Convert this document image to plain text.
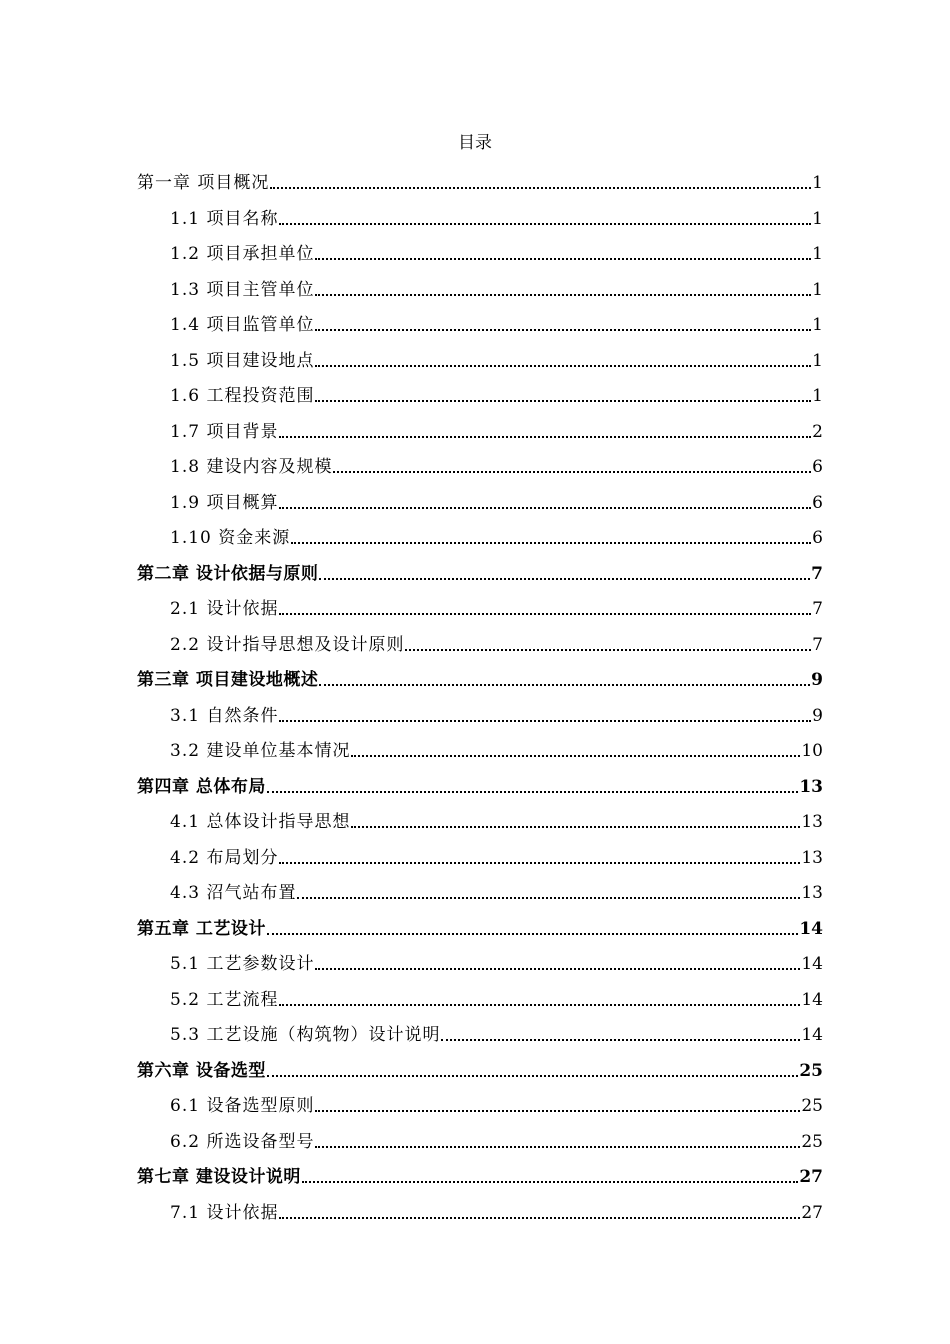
目录
第一章 项目概况	1
1.1 项目名称	1
1.2 项目承担单位	1
1.3 项目主管单位	1
1.4 项目监管单位	1
1.5 项目建设地点	1
1.6 工程投资范围	1
1.7 项目背景	2
1.8 建设内容及规模	6
1.9 项目概算	6
1.10 资金来源	6
第二章 设计依据与原则	7
2.1 设计依据	7
2.2 设计指导思想及设计原则	7
第三章 项目建设地概述	9
3.1 自然条件	9
3.2 建设单位基本情况	10
第四章 总体布局	13
4.1 总体设计指导思想	13
4.2 布局划分	13
4.3 沼气站布置	13
第五章 工艺设计	14
5.1 工艺参数设计	14
5.2 工艺流程	14
5.3 工艺设施（构筑物）设计说明	14
第六章 设备选型	25
6.1 设备选型原则	25
6.2 所选设备型号	25
第七章 建设设计说明	27
7.1 设计依据	27
